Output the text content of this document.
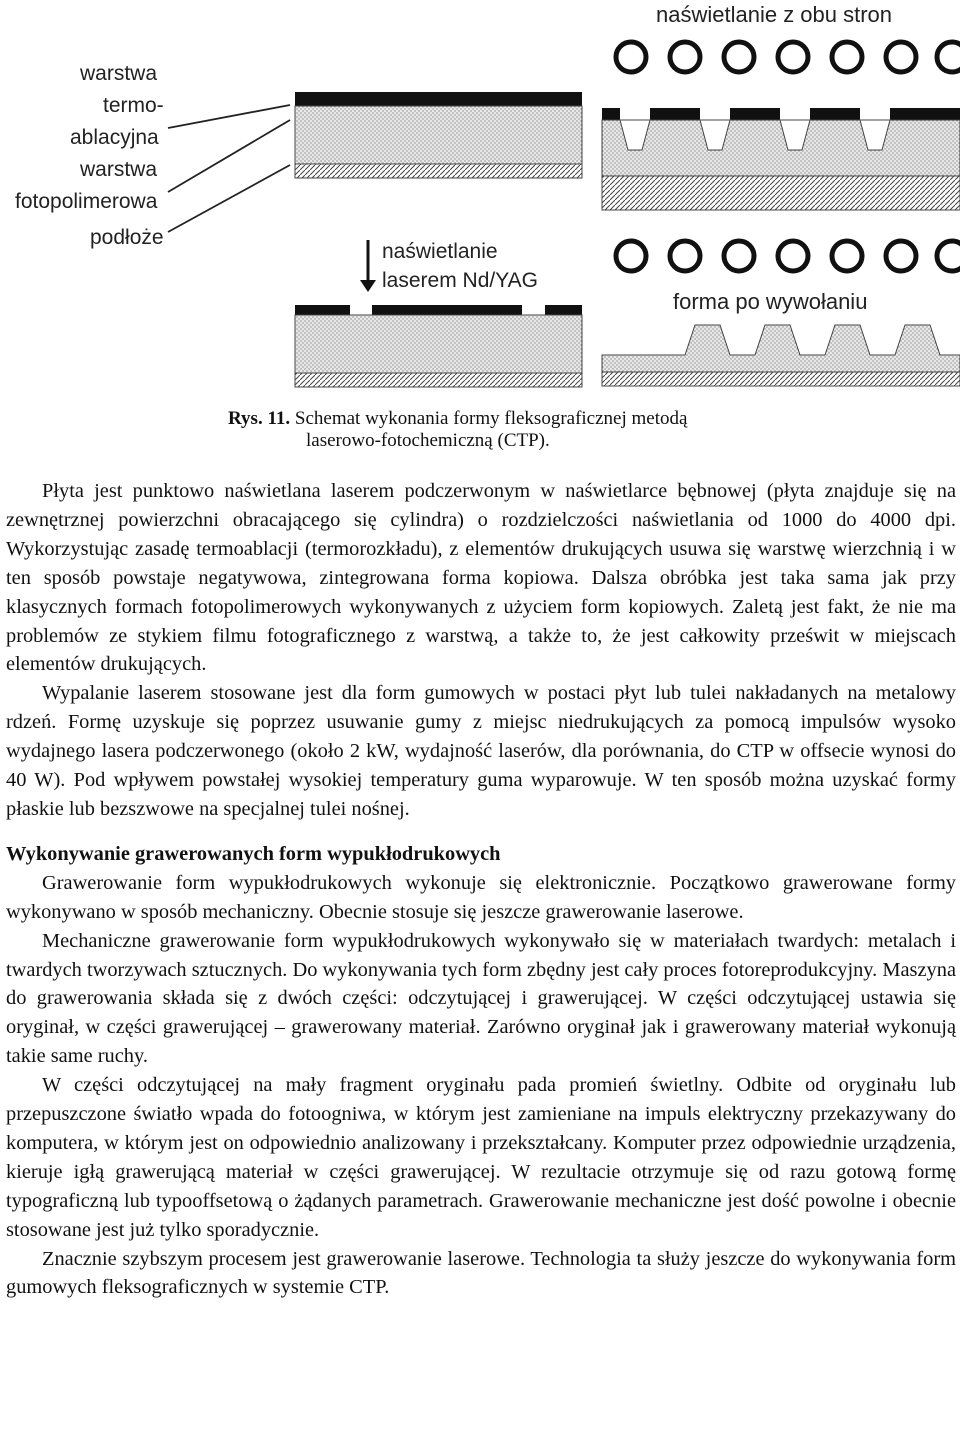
warstwa
termo-
ablacyjna
warstwa
fotopolimerowa
podłoże
naświetlanie
laserem Nd/YAG
naświetlanie z obu stron
forma po wywołaniu
Rys. 11. Schemat wykonania formy fleksograficznej metodą
laserowo-fotochemiczną (CTP).

Płyta jest punktowo naświetlana laserem podczerwonym w naświetlarce bębnowej (płyta znajduje się na zewnętrznej powierzchni obracającego się cylindra) o rozdzielczości naświetlania od 1000 do 4000 dpi. Wykorzystując zasadę termoablacji (termorozkładu), z elementów drukujących usuwa się warstwę wierzchnią i w ten sposób powstaje negatywowa, zintegrowana forma kopiowa. Dalsza obróbka jest taka sama jak przy klasycznych formach fotopolimerowych wykonywanych z użyciem form kopiowych. Zaletą jest fakt, że nie ma problemów ze stykiem filmu fotograficznego z warstwą, a także to, że jest całkowity prześwit w miejscach elementów drukujących.

Wypalanie laserem stosowane jest dla form gumowych w postaci płyt lub tulei nakładanych na metalowy rdzeń. Formę uzyskuje się poprzez usuwanie gumy z miejsc niedrukujących za pomocą impulsów wysoko wydajnego lasera podczerwonego (około 2 kW, wydajność laserów, dla porównania, do CTP w offsecie wynosi do 40 W). Pod wpływem powstałej wysokiej temperatury guma wyparowuje. W ten sposób można uzyskać formy płaskie lub bezszwowe na specjalnej tulei nośnej.

Wykonywanie grawerowanych form wypukłodrukowych

Grawerowanie form wypukłodrukowych wykonuje się elektronicznie. Początkowo grawerowane formy wykonywano w sposób mechaniczny. Obecnie stosuje się jeszcze grawerowanie laserowe.

Mechaniczne grawerowanie form wypukłodrukowych wykonywało się w materiałach twardych: metalach i twardych tworzywach sztucznych. Do wykonywania tych form zbędny jest cały proces fotoreprodukcyjny. Maszyna do grawerowania składa się z dwóch części: odczytującej i grawerującej. W części odczytującej ustawia się oryginał, w części grawerującej – grawerowany materiał. Zarówno oryginał jak i grawerowany materiał wykonują takie same ruchy.

W części odczytującej na mały fragment oryginału pada promień świetlny. Odbite od oryginału lub przepuszczone światło wpada do fotoogniwa, w którym jest zamieniane na impuls elektryczny przekazywany do komputera, w którym jest on odpowiednio analizowany i przekształcany. Komputer przez odpowiednie urządzenia, kieruje igłą grawerującą materiał w części grawerującej. W rezultacie otrzymuje się od razu gotową formę typograficzną lub typooffsetową o żądanych parametrach. Grawerowanie mechaniczne jest dość powolne i obecnie stosowane jest już tylko sporadycznie.

Znacznie szybszym procesem jest grawerowanie laserowe. Technologia ta służy jeszcze do wykonywania form gumowych fleksograficznych w systemie CTP.
